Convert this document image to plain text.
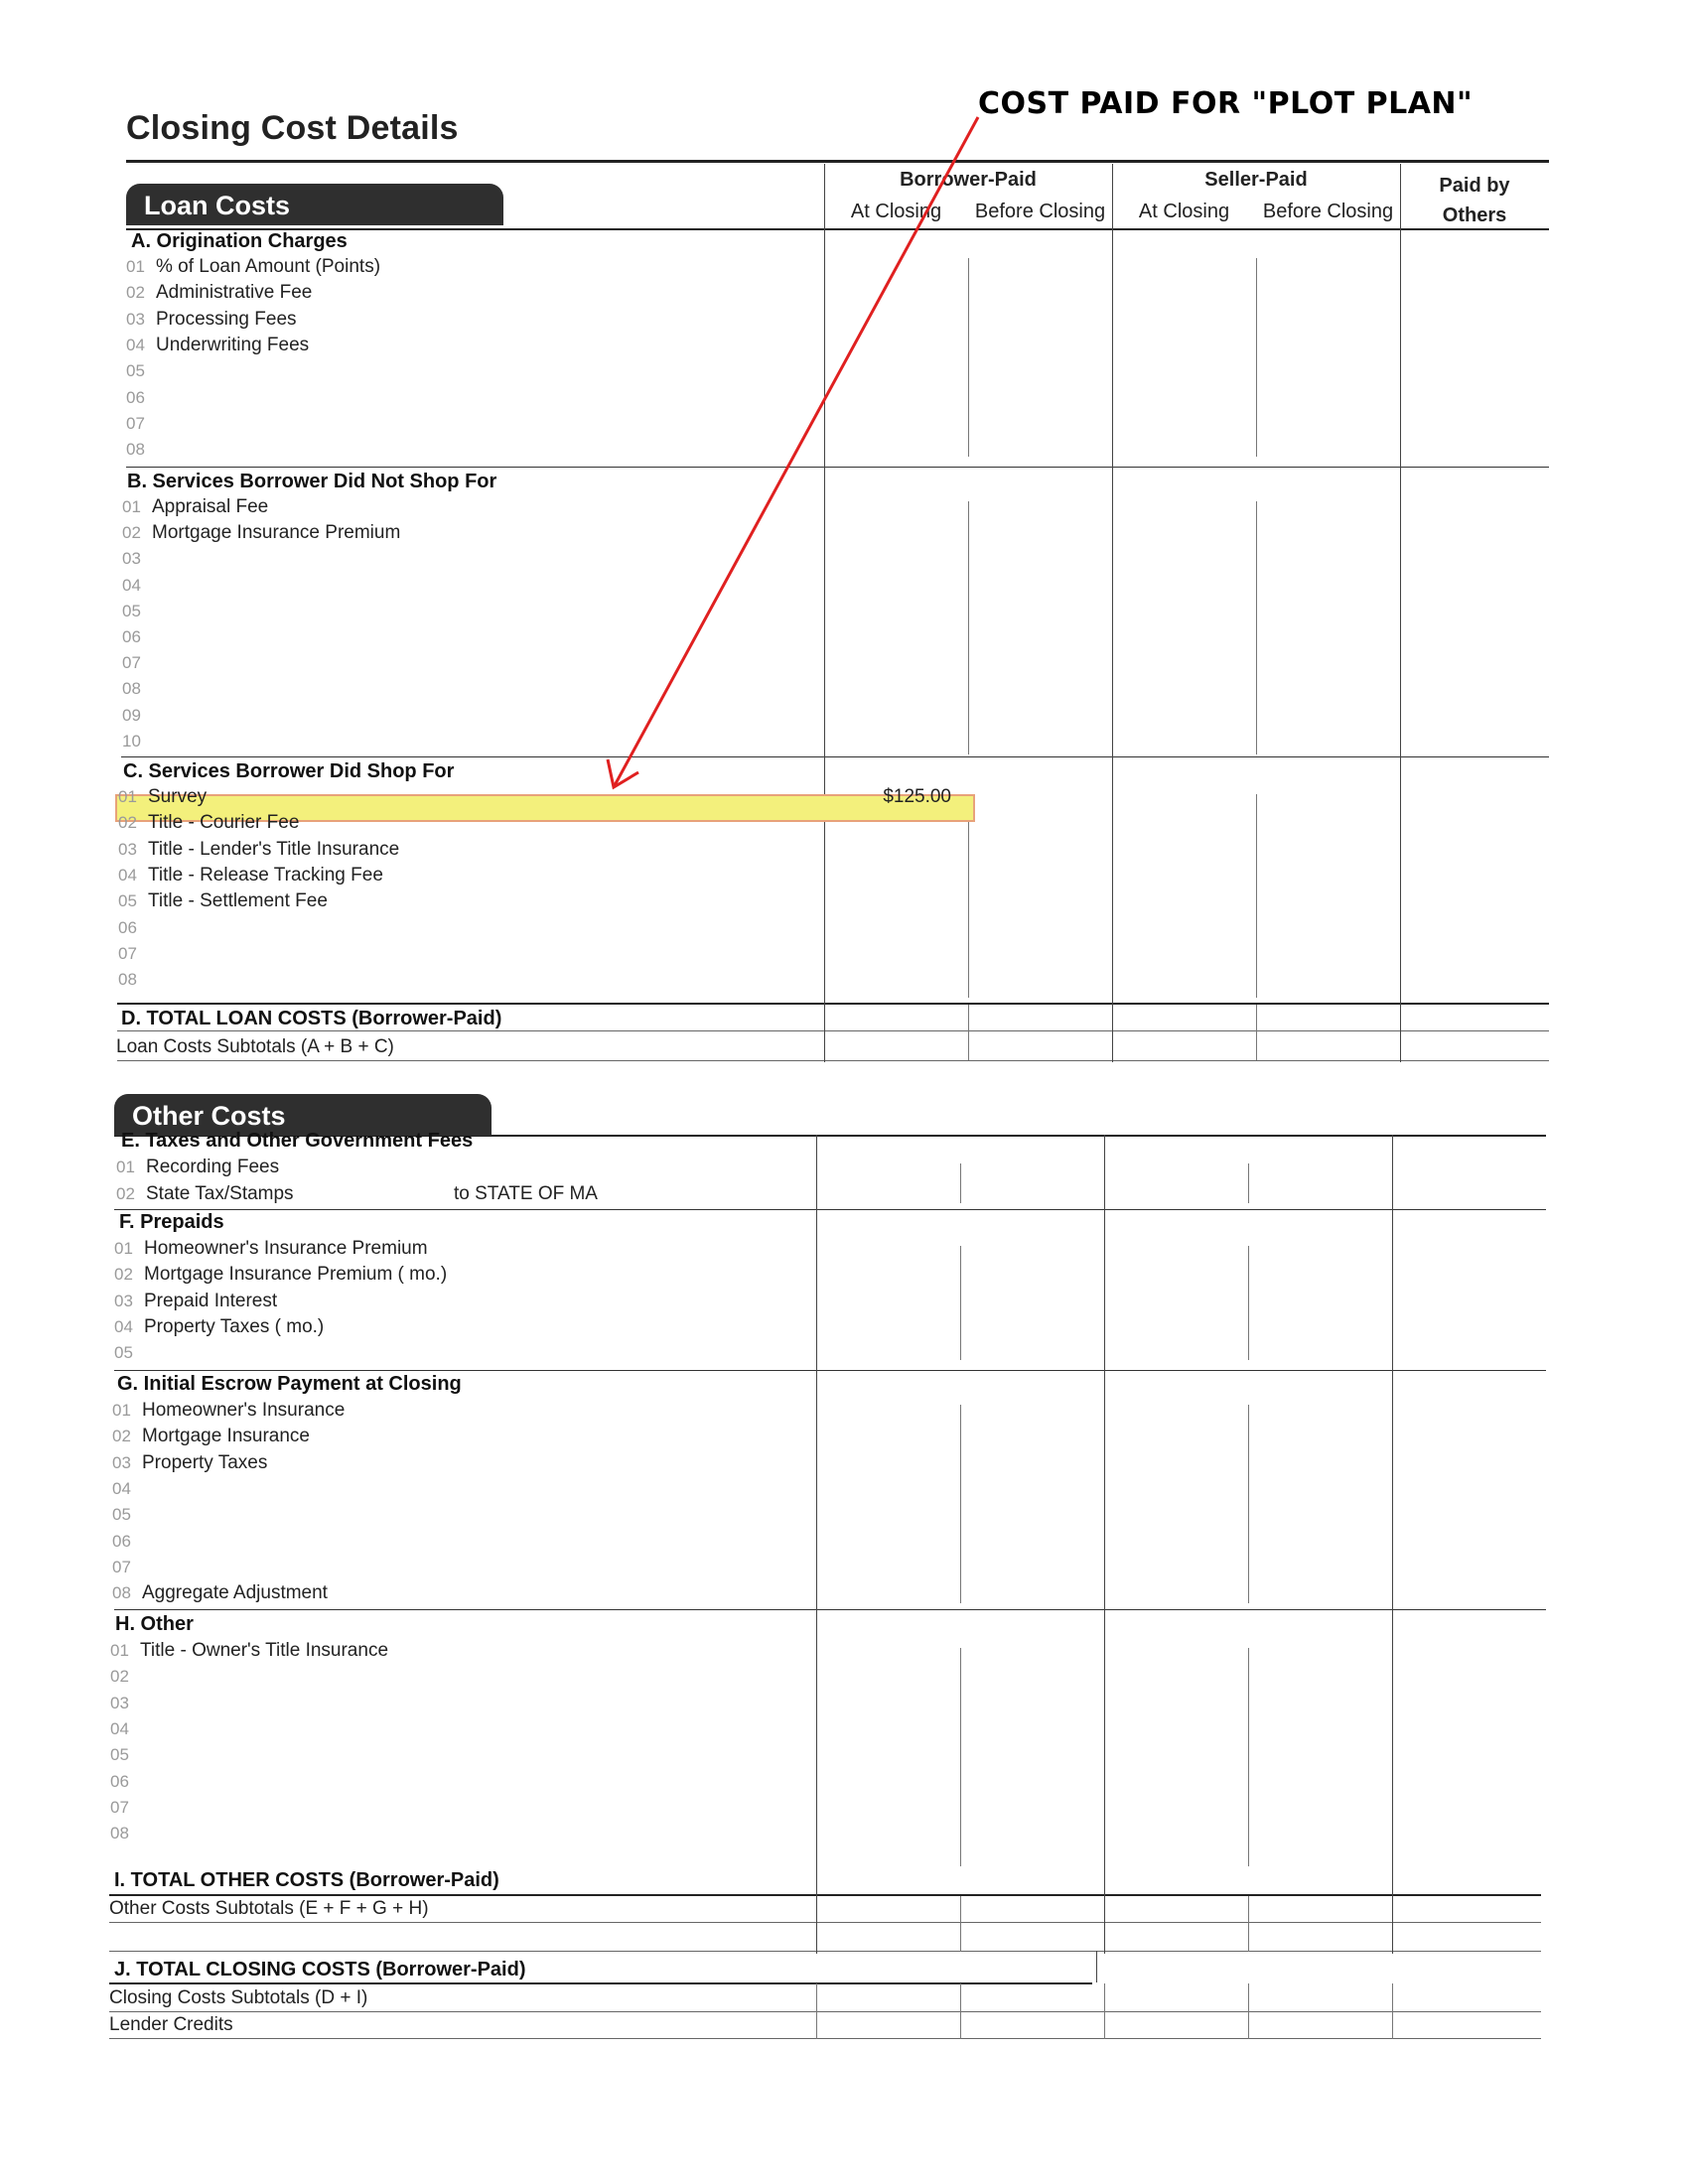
Closing Cost Details
COST PAID FOR "PLOT PLAN"
Borrower-Paid	Seller-Paid	Paid by
Others
At Closing	Before Closing	At Closing	Before Closing
Loan Costs
A. Origination Charges
01 % of Loan Amount (Points)
02 Administrative Fee
03 Processing Fees
04 Underwriting Fees
05
06
07
08
B. Services Borrower Did Not Shop For
01 Appraisal Fee
02 Mortgage Insurance Premium
03
04
05
06
07
08
09
10
C. Services Borrower Did Shop For
01 Survey	$125.00
02 Title - Courier Fee
03 Title - Lender's Title Insurance
04 Title - Release Tracking Fee
05 Title - Settlement Fee
06
07
08
D. TOTAL LOAN COSTS (Borrower-Paid)
Loan Costs Subtotals (A + B + C)
Other Costs
E. Taxes and Other Government Fees
01 Recording Fees
02 State Tax/Stamps	to STATE OF MA
F. Prepaids
01 Homeowner's Insurance Premium
02 Mortgage Insurance Premium ( mo.)
03 Prepaid Interest
04 Property Taxes ( mo.)
05
G. Initial Escrow Payment at Closing
01 Homeowner's Insurance
02 Mortgage Insurance
03 Property Taxes
04
05
06
07
08 Aggregate Adjustment
H. Other
01 Title - Owner's Title Insurance
02
03
04
05
06
07
08
I. TOTAL OTHER COSTS (Borrower-Paid)
Other Costs Subtotals (E + F + G + H)
J. TOTAL CLOSING COSTS (Borrower-Paid)
Closing Costs Subtotals (D + I)
Lender Credits
